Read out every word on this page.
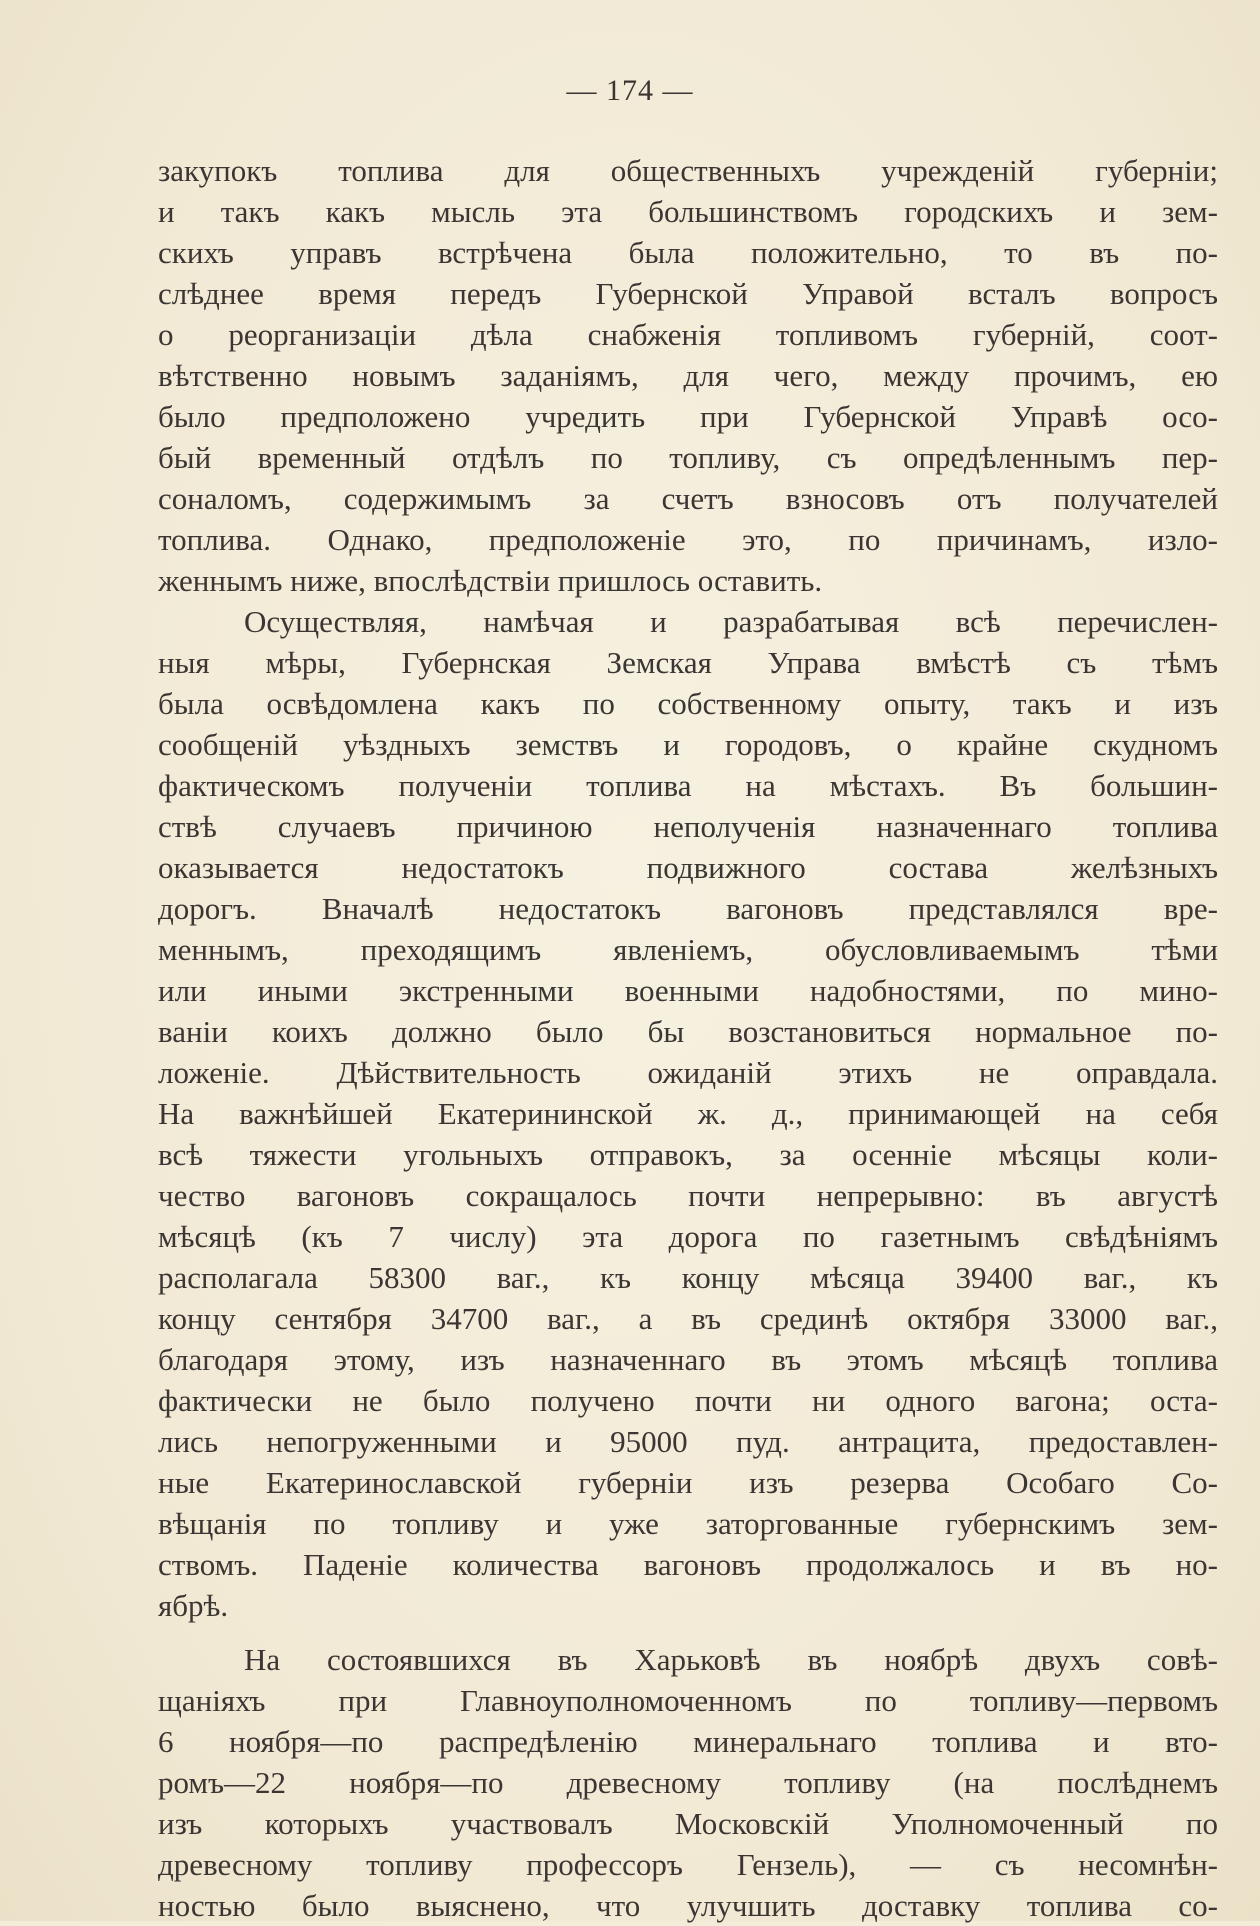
— 174 —
закупокъ топлива для общественныхъ учрежденій губерніи;
и такъ какъ мысль эта большинствомъ городскихъ и зем-
скихъ управъ встрѣчена была положительно, то въ по-
слѣднее время передъ Губернской Управой всталъ вопросъ
о реорганизаціи дѣла снабженія топливомъ губерній, соот-
вѣтственно новымъ заданіямъ, для чего, между прочимъ, ею
было предположено учредить при Губернской Управѣ осо-
бый временный отдѣлъ по топливу, съ опредѣленнымъ пер-
соналомъ, содержимымъ за счетъ взносовъ отъ получателей
топлива. Однако, предположеніе это, по причинамъ, изло-
женнымъ ниже, впослѣдствіи пришлось оставить.
Осуществляя, намѣчая и разрабатывая всѣ перечислен-
ныя мѣры, Губернская Земская Управа вмѣстѣ съ тѣмъ
была освѣдомлена какъ по собственному опыту, такъ и изъ
сообщеній уѣздныхъ земствъ и городовъ, о крайне скудномъ
фактическомъ полученіи топлива на мѣстахъ. Въ большин-
ствѣ случаевъ причиною неполученія назначеннаго топлива
оказывается недостатокъ подвижного состава желѣзныхъ
дорогъ. Вначалѣ недостатокъ вагоновъ представлялся вре-
меннымъ, преходящимъ явленіемъ, обусловливаемымъ тѣми
или иными экстренными военными надобностями, по мино-
ваніи коихъ должно было бы возстановиться нормальное по-
ложеніе. Дѣйствительность ожиданій этихъ не оправдала.
На важнѣйшей Екатерининской ж. д., принимающей на себя
всѣ тяжести угольныхъ отправокъ, за осенніе мѣсяцы коли-
чество вагоновъ сокращалось почти непрерывно: въ августѣ
мѣсяцѣ (къ 7 числу) эта дорога по газетнымъ свѣдѣніямъ
располагала 58300 ваг., къ концу мѣсяца 39400 ваг., къ
концу сентября 34700 ваг., а въ срединѣ октября 33000 ваг.,
благодаря этому, изъ назначеннаго въ этомъ мѣсяцѣ топлива
фактически не было получено почти ни одного вагона; оста-
лись непогруженными и 95000 пуд. антрацита, предоставлен-
ные Екатеринославской губерніи изъ резерва Особаго Со-
вѣщанія по топливу и уже заторгованные губернскимъ зем-
ствомъ. Паденіе количества вагоновъ продолжалось и въ но-
ябрѣ.
На состоявшихся въ Харьковѣ въ ноябрѣ двухъ совѣ-
щаніяхъ при Главноуполномоченномъ по топливу—первомъ
6 ноября—по распредѣленію минеральнаго топлива и вто-
ромъ—22 ноября—по древесному топливу (на послѣднемъ
изъ которыхъ участвовалъ Московскій Уполномоченный по
древесному топливу профессоръ Гензель), — съ несомнѣн-
ностью было выяснено, что улучшить доставку топлива со-
